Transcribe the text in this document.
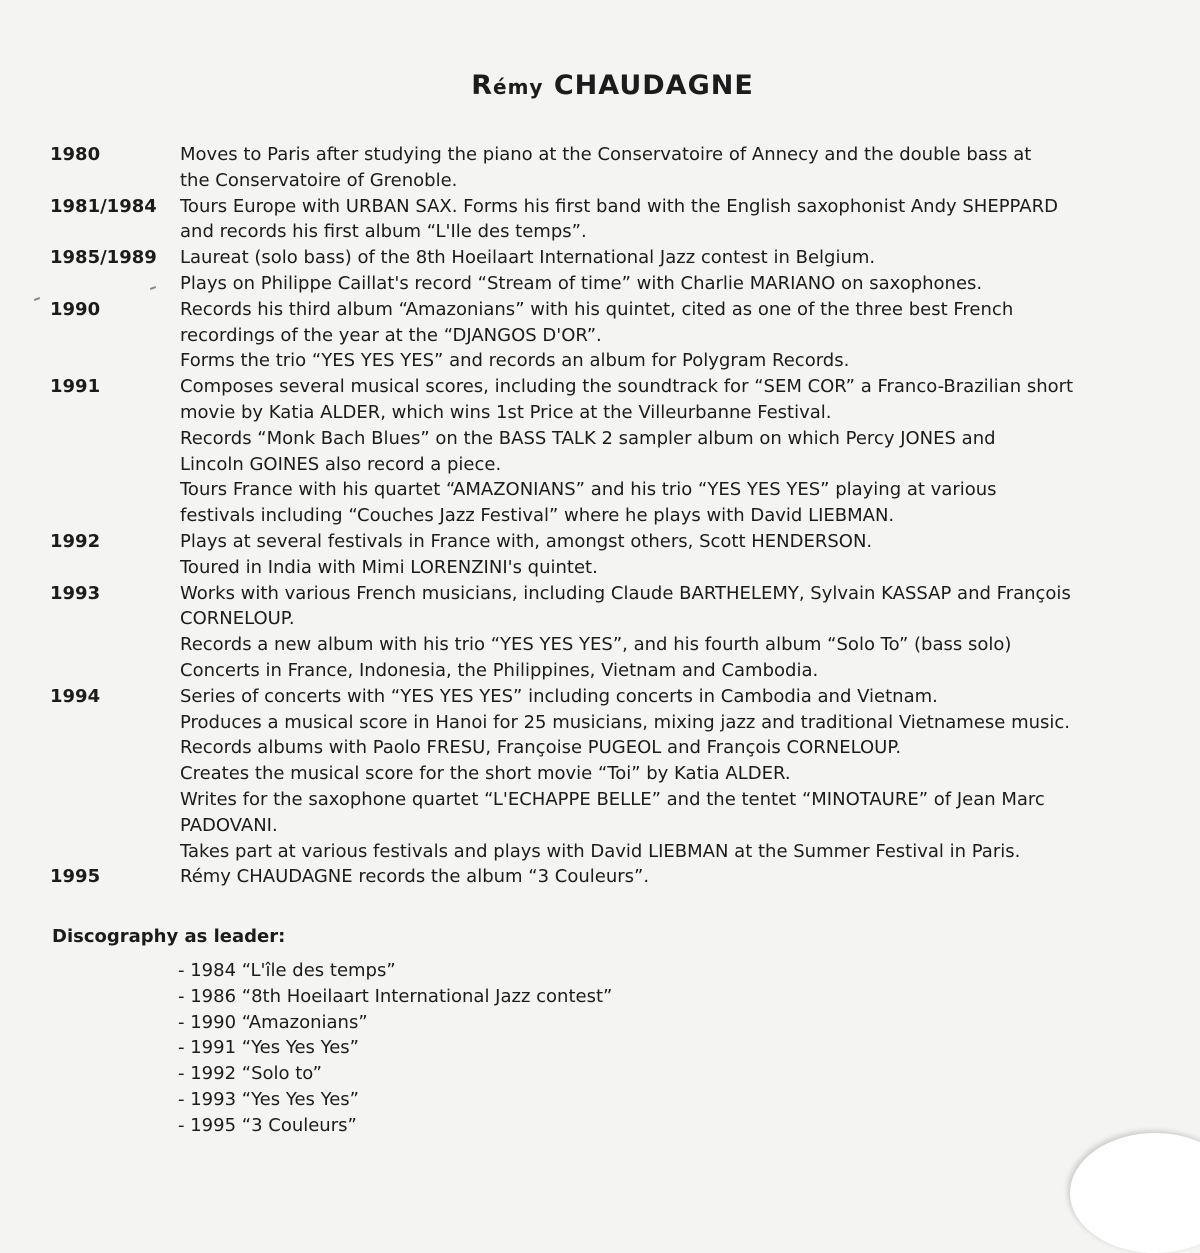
Rémy CHAUDAGNE
1980	Moves to Paris after studying the piano at the Conservatoire of Annecy and the double bass at
the Conservatoire of Grenoble.
1981/1984	Tours Europe with URBAN SAX. Forms his first band with the English saxophonist Andy SHEPPARD
and records his first album “L'Ile des temps”.
1985/1989	Laureat (solo bass) of the 8th Hoeilaart International Jazz contest in Belgium.
Plays on Philippe Caillat's record “Stream of time” with Charlie MARIANO on saxophones.
1990	Records his third album “Amazonians” with his quintet, cited as one of the three best French
recordings of the year at the “DJANGOS D'OR”.
Forms the trio “YES YES YES” and records an album for Polygram Records.
1991	Composes several musical scores, including the soundtrack for “SEM COR” a Franco-Brazilian short
movie by Katia ALDER, which wins 1st Price at the Villeurbanne Festival.
Records “Monk Bach Blues” on the BASS TALK 2 sampler album on which Percy JONES and
Lincoln GOINES also record a piece.
Tours France with his quartet “AMAZONIANS” and his trio “YES YES YES” playing at various
festivals including “Couches Jazz Festival” where he plays with David LIEBMAN.
1992	Plays at several festivals in France with, amongst others, Scott HENDERSON.
Toured in India with Mimi LORENZINI's quintet.
1993	Works with various French musicians, including Claude BARTHELEMY, Sylvain KASSAP and François
CORNELOUP.
Records a new album with his trio “YES YES YES”, and his fourth album “Solo To” (bass solo)
Concerts in France, Indonesia, the Philippines, Vietnam and Cambodia.
1994	Series of concerts with “YES YES YES” including concerts in Cambodia and Vietnam.
Produces a musical score in Hanoi for 25 musicians, mixing jazz and traditional Vietnamese music.
Records albums with Paolo FRESU, Françoise PUGEOL and François CORNELOUP.
Creates the musical score for the short movie “Toi” by Katia ALDER.
Writes for the saxophone quartet “L'ECHAPPE BELLE” and the tentet “MINOTAURE” of Jean Marc
PADOVANI.
Takes part at various festivals and plays with David LIEBMAN at the Summer Festival in Paris.
1995	Rémy CHAUDAGNE records the album “3 Couleurs”.
Discography as leader:
- 1984 “L'île des temps”
- 1986 “8th Hoeilaart International Jazz contest”
- 1990 “Amazonians”
- 1991 “Yes Yes Yes”
- 1992 “Solo to”
- 1993 “Yes Yes Yes”
- 1995 “3 Couleurs”
